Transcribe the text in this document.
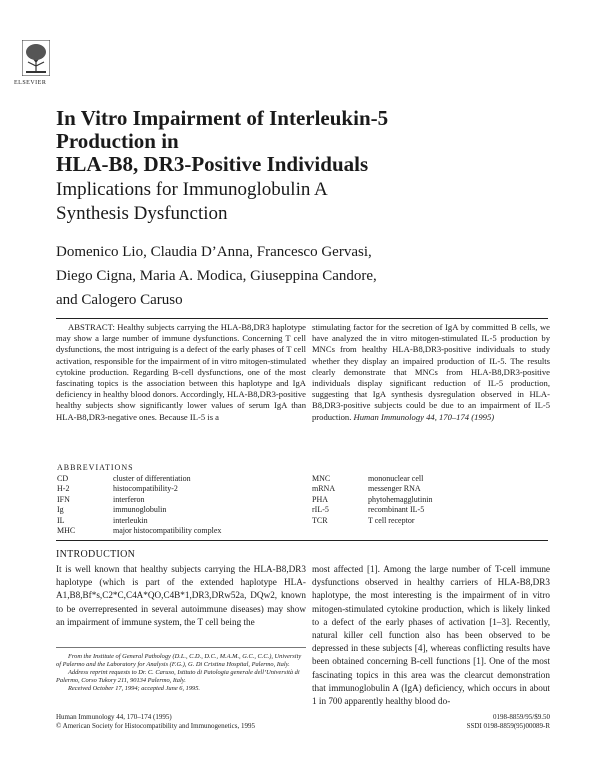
ELSEVIER
In Vitro Impairment of Interleukin-5
Production in
HLA-B8, DR3-Positive Individuals
Implications for Immunoglobulin A
Synthesis Dysfunction
Domenico Lio, Claudia D’Anna, Francesco Gervasi,
Diego Cigna, Maria A. Modica, Giuseppina Candore,
and Calogero Caruso
ABSTRACT: Healthy subjects carrying the HLA-B8,DR3 haplotype may show a large number of immune dysfunctions. Concerning T cell dysfunctions, the most intriguing is a defect of the early phases of T cell activation, responsible for the impairment of in vitro mitogen-stimulated cytokine production. Regarding B-cell dysfunctions, one of the most fascinating topics is the association between this haplotype and IgA deficiency in healthy blood donors. Accordingly, HLA-B8,DR3-positive healthy subjects show significantly lower values of serum IgA than HLA-B8,DR3-negative ones. Because IL-5 is a
stimulating factor for the secretion of IgA by committed B cells, we have analyzed the in vitro mitogen-stimulated IL-5 production by MNCs from healthy HLA-B8,DR3-positive individuals to study whether they display an impaired production of IL-5. The results clearly demonstrate that MNCs from HLA-B8,DR3-positive individuals display significant reduction of IL-5 production, suggesting that IgA synthesis dysregulation observed in HLA-B8,DR3-positive subjects could be due to an impairment of IL-5 production. Human Immunology 44, 170–174 (1995)
ABBREVIATIONS
CD	cluster of differentiation
H-2	histocompatibility-2
IFN	interferon
Ig	immunoglobulin
IL	interleukin
MHC	major histocompatibility complex
MNC	mononuclear cell
mRNA	messenger RNA
PHA	phytohemagglutinin
rIL-5	recombinant IL-5
TCR	T cell receptor
INTRODUCTION
It is well known that healthy subjects carrying the HLA-B8,DR3 haplotype (which is part of the extended haplotype HLA-A1,B8,Bf*s,C2*C,C4A*QO,C4B*1,DR3,DRw52a, DQw2, known to be overrepresented in several autoimmune diseases) may show an impairment of immune system, the T cell being the
most affected [1]. Among the large number of T-cell immune dysfunctions observed in healthy carriers of HLA-B8,DR3 haplotype, the most interesting is the impairment of in vitro mitogen-stimulated cytokine production, which is likely linked to a defect of the early phases of activation [1–3]. Recently, natural killer cell function also has been observed to be depressed in these subjects [4], whereas conflicting results have been obtained concerning B-cell functions [1]. One of the most fascinating topics in this area was the clearcut demonstration that immunoglobulin A (IgA) deficiency, which occurs in about 1 in 700 apparently healthy blood do-
From the Institute of General Pathology (D.L., C.D., D.C., M.A.M., G.C., C.C.), University of Palermo and the Laboratory for Analysis (F.G.), G. Di Cristina Hospital, Palermo, Italy.
Address reprint requests to Dr. C. Caruso, Istituto di Patologia generale dell’Università di Palermo, Corso Tukory 211, 90134 Palermo, Italy.
Received October 17, 1994; accepted June 6, 1995.
Human Immunology 44, 170–174 (1995)
© American Society for Histocompatibility and Immunogenetics, 1995
0198-8859/95/$9.50
SSDI 0198-8859(95)00089-R
